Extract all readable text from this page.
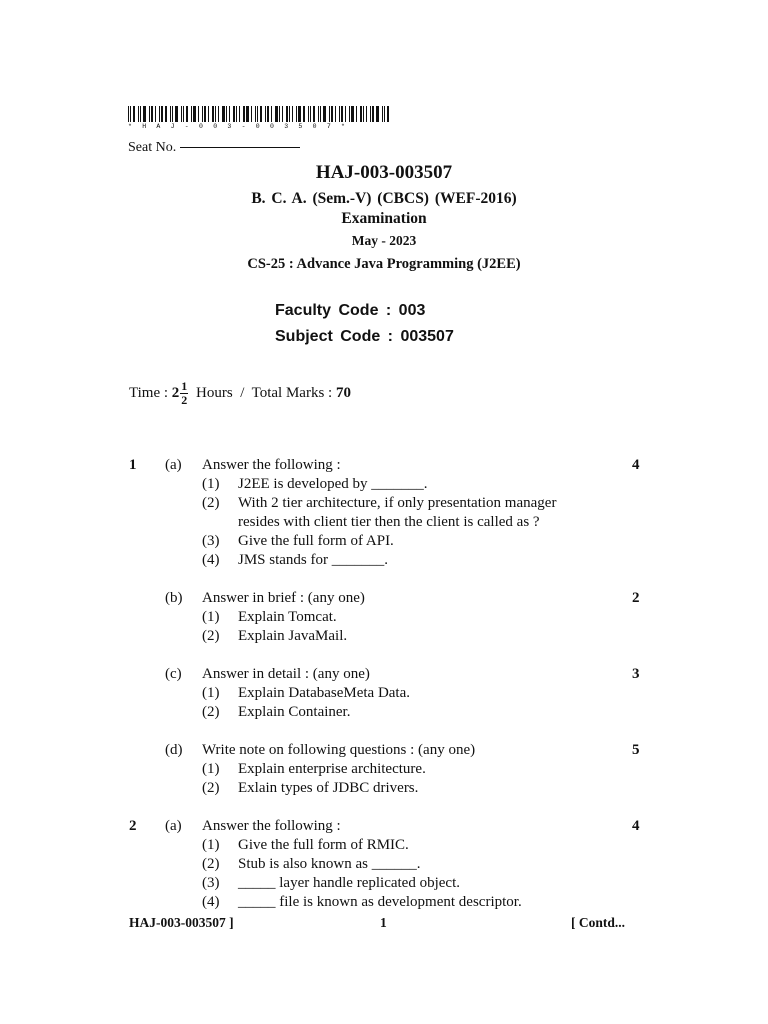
* H A J - 0 0 3 - 0 0 3 5 0 7 *
Seat No.
HAJ-003-003507
B. C. A. (Sem.-V) (CBCS) (WEF-2016)
Examination
May - 2023
CS-25 : Advance Java Programming (J2EE)
Faculty Code : 003
Subject Code : 003507
Time :
$2 \frac{1}{2}$ Hours  /  Total Marks : 70
1 (a) Answer the following :	4
(1) J2EE is developed by _______.
(2) With 2 tier architecture, if only presentation manager
resides with client tier then the client is called as ?
(3) Give the full form of API.
(4) JMS stands for _______.
(b) Answer in brief : (any one)	2
(1) Explain Tomcat.
(2) Explain JavaMail.
(c) Answer in detail : (any one)	3
(1) Explain DatabaseMeta Data.
(2) Explain Container.
(d) Write note on following questions : (any one)	5
(1) Explain enterprise architecture.
(2) Exlain types of JDBC drivers.
2 (a) Answer the following :	4
(1) Give the full form of RMIC.
(2) Stub is also known as ______.
(3) _____ layer handle replicated object.
(4) _____ file is known as development descriptor.
HAJ-003-003507 ]	1	[ Contd...
